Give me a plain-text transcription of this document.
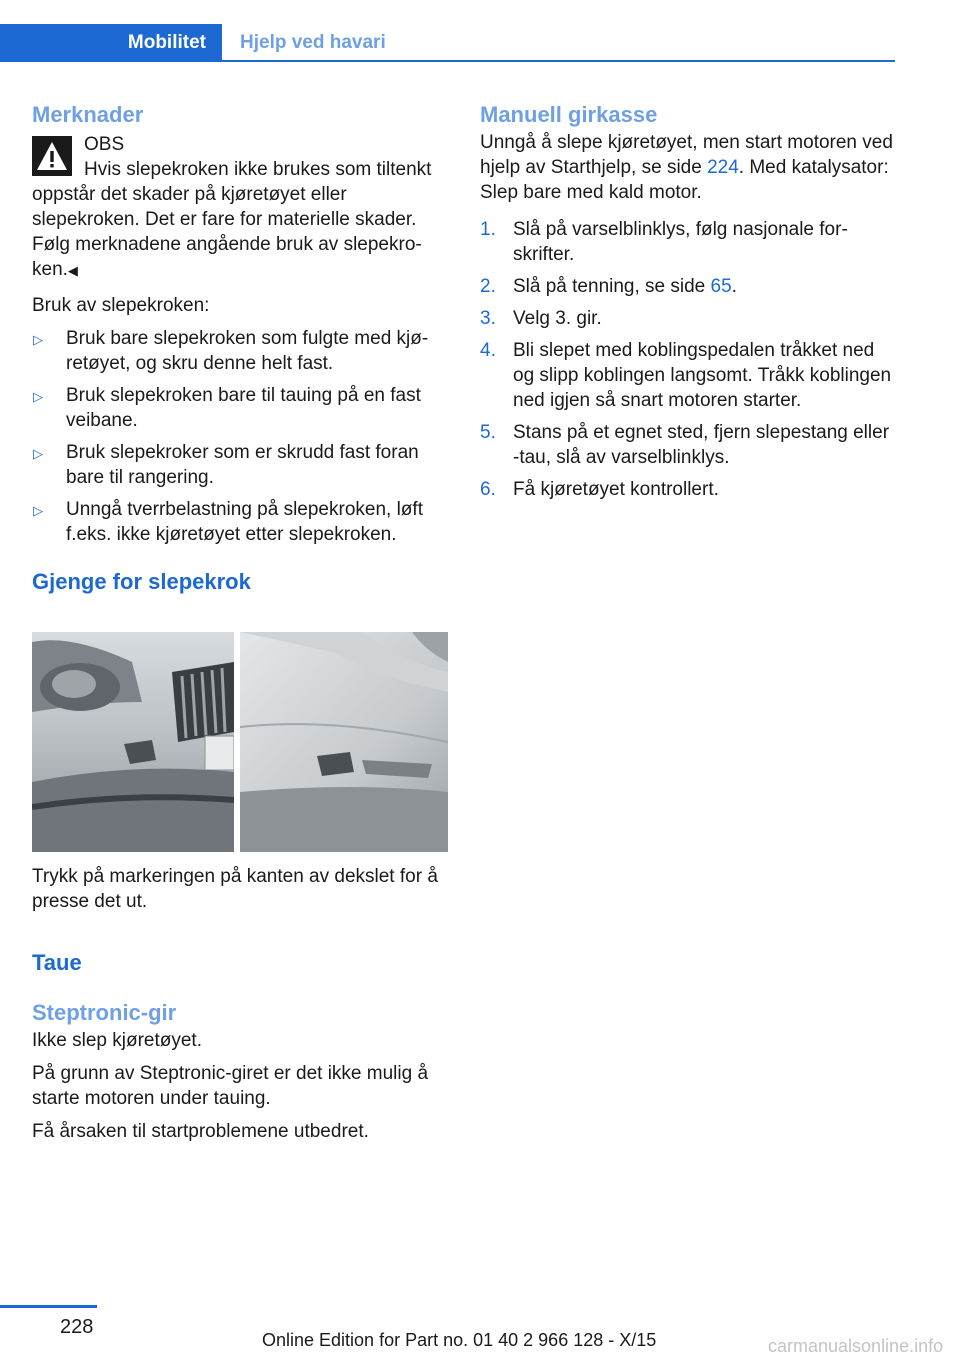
Mobilitet	Hjelp ved havari
Merknader

OBS

Hvis slepekroken ikke brukes som tiltenkt oppstår det skader på kjøretøyet eller slepekroken. Det er fare for materielle skader. Følg merknadene angående bruk av slepekroken.◀

Bruk av slepekroken:

▷ Bruk bare slepekroken som fulgte med kjøretøyet, og skru denne helt fast.
▷ Bruk slepekroken bare til tauing på en fast veibane.
▷ Bruk slepekroker som er skrudd fast foran bare til rangering.
▷ Unngå tverrbelastning på slepekroken, løft f.eks. ikke kjøretøyet etter slepekroken.
Gjenge for slepekrok

Trykk på markeringen på kanten av dekslet for å presse det ut.

Taue
Steptronic-gir

Ikke slep kjøretøyet.

På grunn av Steptronic-giret er det ikke mulig å starte motoren under tauing.

Få årsaken til startproblemene utbedret.

Manuell girkasse

Unngå å slepe kjøretøyet, men start motoren ved hjelp av Starthjelp, se side 224. Med katalysator: Slep bare med kald motor.

1. Slå på varselblinklys, følg nasjonale forskrifter.
2. Slå på tenning, se side 65.
3. Velg 3. gir.
4. Bli slepet med koblingspedalen tråkket ned og slipp koblingen langsomt. Tråkk koblingen ned igjen så snart motoren starter.
5. Stans på et egnet sted, fjern slepestang eller -tau, slå av varselblinklys.
6. Få kjøretøyet kontrollert.
228
Online Edition for Part no. 01 40 2 966 128 - X/15	carmanualsonline.info
